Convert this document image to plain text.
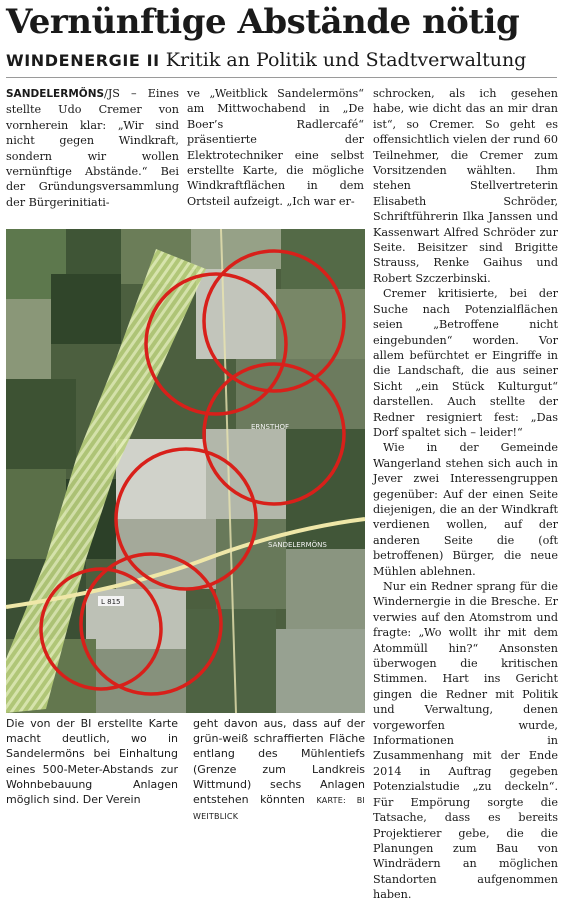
Vernünftige Abstände nötig
WINDENERGIE II Kritik an Politik und Stadtverwaltung

SANDELERMÖNS/JS – Eines stellte Udo Cremer von vornherein klar: „Wir sind nicht gegen Windkraft, sondern wir wollen vernünftige Abstände.“ Bei der Gründungsversammlung der Bürgerinitiati-

ve „Weitblick Sandelermöns“ am Mittwochabend in „De Boer’s Radlercafé“ präsentierte der Elektrotechniker eine selbst erstellte Karte, die mögliche Windkraftflächen in dem Ortsteil aufzeigt. „Ich war er-

schrocken, als ich gesehen habe, wie dicht das an mir dran ist“, so Cremer. So geht es offensichtlich vielen der rund 60 Teilnehmer, die Cremer zum Vorsitzenden wählten. Ihm stehen Stellvertreterin Elisabeth Schröder, Schriftführerin Ilka Janssen und Kassenwart Alfred Schröder zur Seite. Beisitzer sind Brigitte Strauss, Renke Gaihus und Robert Szczerbinski.

Cremer kritisierte, bei der Suche nach Potenzialflächen seien „Betroffene nicht eingebunden“ worden. Vor allem befürchtet er Eingriffe in die Landschaft, die aus seiner Sicht „ein Stück Kulturgut“ darstellen. Auch stellte der Redner resigniert fest: „Das Dorf spaltet sich – leider!“

Wie in der Gemeinde Wangerland stehen sich auch in Jever zwei Interessengruppen gegenüber: Auf der einen Seite diejenigen, die an der Windkraft verdienen wollen, auf der anderen Seite die (oft betroffenen) Bürger, die neue Mühlen ablehnen.

Nur ein Redner sprang für die Windernergie in die Bresche. Er verwies auf den Atomstrom und fragte: „Wo wollt ihr mit dem Atommüll hin?“ Ansonsten überwogen die kritischen Stimmen. Hart ins Gericht gingen die Redner mit Politik und Verwaltung, denen vorgeworfen wurde, Informationen in Zusammenhang mit der Ende 2014 in Auftrag gegeben Potenzialstudie „zu deckeln“. Für Empörung sorgte die Tatsache, dass es bereits Projektierer gebe, die die Planungen zum Bau von Windrädern an möglichen Standorten aufgenommen haben.

ERNSTHOF
SANDELERMÖNS
L 815
Die von der BI erstellte Karte macht deutlich, wo in Sandelermöns bei Einhaltung eines 500-Meter-Abstands zur Wohnbebauung Anlagen möglich sind. Der Verein
geht davon aus, dass auf der grün-weiß schraffierten Fläche entlang des Mühlentiefs (Grenze zum Landkreis Wittmund) sechs Anlagen entstehen könnten KARTE: BI WEITBLICK
